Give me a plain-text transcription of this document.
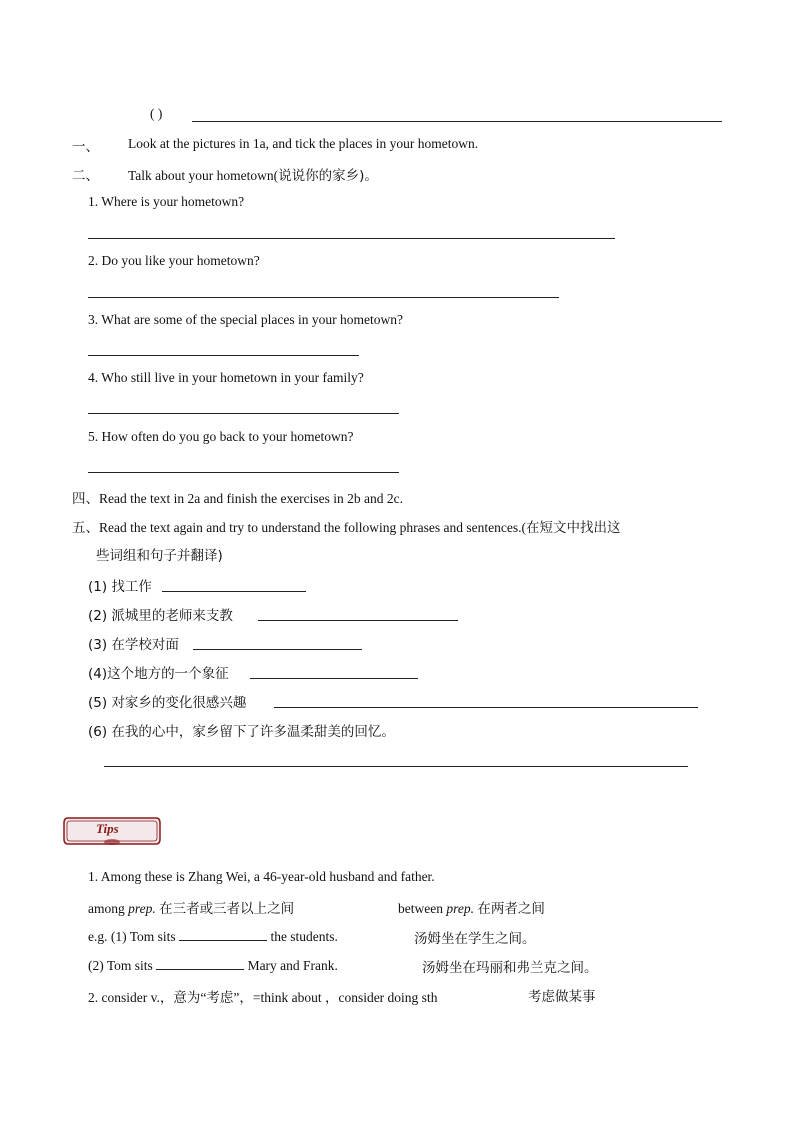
( )
一、 Look at the pictures in 1a, and tick the places in your hometown.
二、 Talk about your hometown(说说你的家乡)。
1. Where is your hometown?
2. Do you like your hometown?
3. What are some of the special places in your hometown?
4. Who still live in your hometown in your family?
5. How often do you go back to your hometown?
四、Read the text in 2a and finish the exercises in 2b and 2c.
五、Read the text again and try to understand the following phrases and sentences.(在短文中找出这
些词组和句子并翻译)
(1) 找工作
(2) 派城里的老师来支教
(3) 在学校对面
(4)这个地方的一个象征
(5) 对家乡的变化很感兴趣
(6) 在我的心中，家乡留下了许多温柔甜美的回忆。
Tips
1. Among these is Zhang Wei, a 46-year-old husband and father.
among prep. 在三者或三者以上之间	between prep. 在两者之间
e.g. (1) Tom sits	the students.	汤姆坐在学生之间。
(2) Tom sits	Mary and Frank.	汤姆坐在玛丽和弗兰克之间。
2. consider v.，意为“考虑”，=think about ，consider doing sth	考虑做某事
